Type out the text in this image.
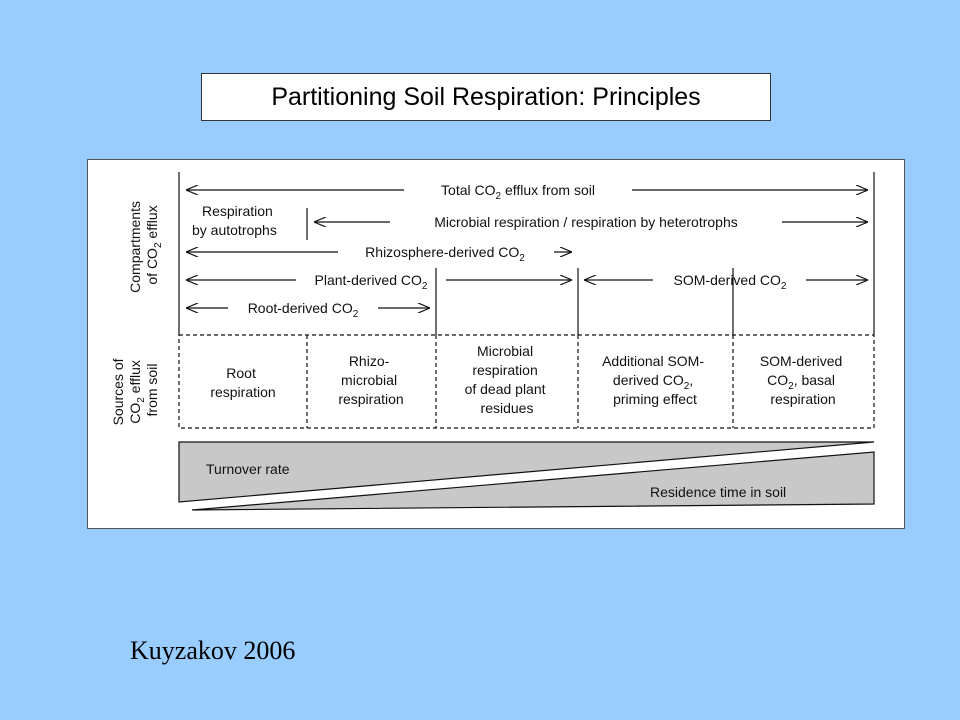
Partitioning Soil Respiration: Principles
Compartments of $CO_2$ efflux
Sources of $CO_2$ efflux from soil
Total $CO_2$ efflux from soil
Respiration
by autotrophs	Microbial respiration / respiration by heterotrophs
Rhizosphere-derived $CO_2$
Plant-derived $CO_2$	SOM-derived $CO_2$
Root-derived $CO_2$
Root respiration
Rhizo- microbial respiration
Microbial respiration of dead plant residues
Additional SOM- derived $CO_2$, priming effect
SOM-derived $CO_2$, basal respiration
Turnover rate
Residence time in soil
Kuyzakov 2006
